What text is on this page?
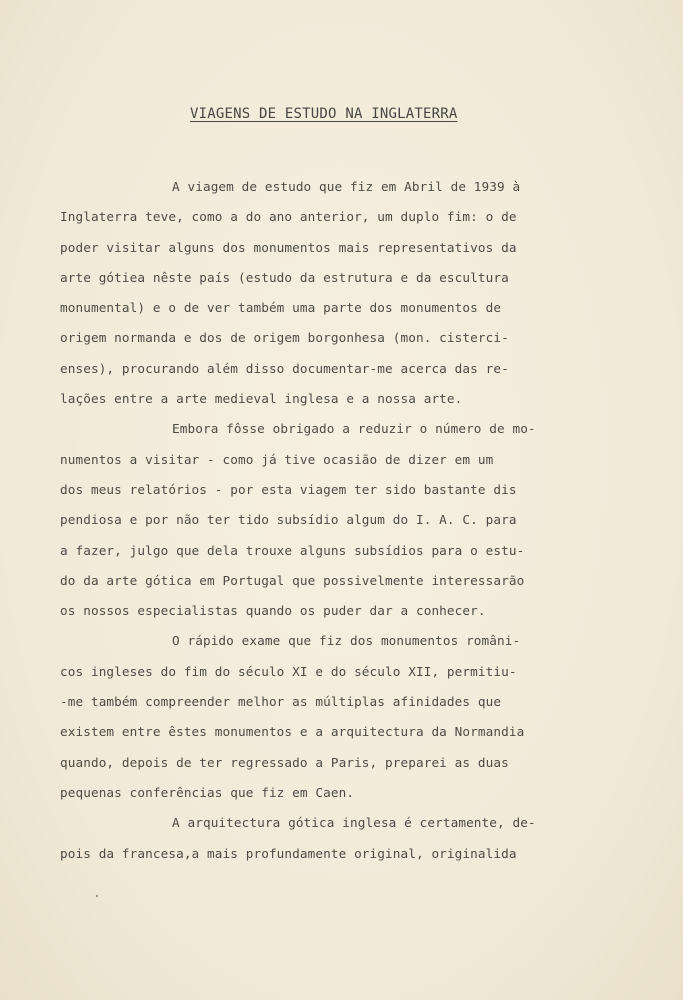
VIAGENS DE ESTUDO NA INGLATERRA
A viagem de estudo que fiz em Abril de 1939 à
Inglaterra teve, como a do ano anterior, um duplo fim: o de
poder visitar alguns dos monumentos mais representativos da
arte gótiea nêste país (estudo da estrutura e da escultura
monumental) e o de ver também uma parte dos monumentos de
origem normanda e dos de origem borgonhesa (mon. cisterci-
enses), procurando além disso documentar-me acerca das re-
lações entre a arte medieval inglesa e a nossa arte.
Embora fôsse obrigado a reduzir o número de mo-
numentos a visitar - como já tive ocasião de dizer em um
dos meus relatórios - por esta viagem ter sido bastante dis
pendiosa e por não ter tido subsídio algum do I. A. C. para
a fazer, julgo que dela trouxe alguns subsídios para o estu-
do da arte gótica em Portugal que possivelmente interessarão
os nossos especialistas quando os puder dar a conhecer.
O rápido exame que fiz dos monumentos români-
cos ingleses do fim do século XI e do século XII, permitiu-
-me também compreender melhor as múltiplas afinidades que
existem entre êstes monumentos e a arquitectura da Normandia
quando, depois de ter regressado a Paris, preparei as duas
pequenas conferências que fiz em Caen.
A arquitectura gótica inglesa é certamente, de-
pois da francesa,a mais profundamente original, originalida
